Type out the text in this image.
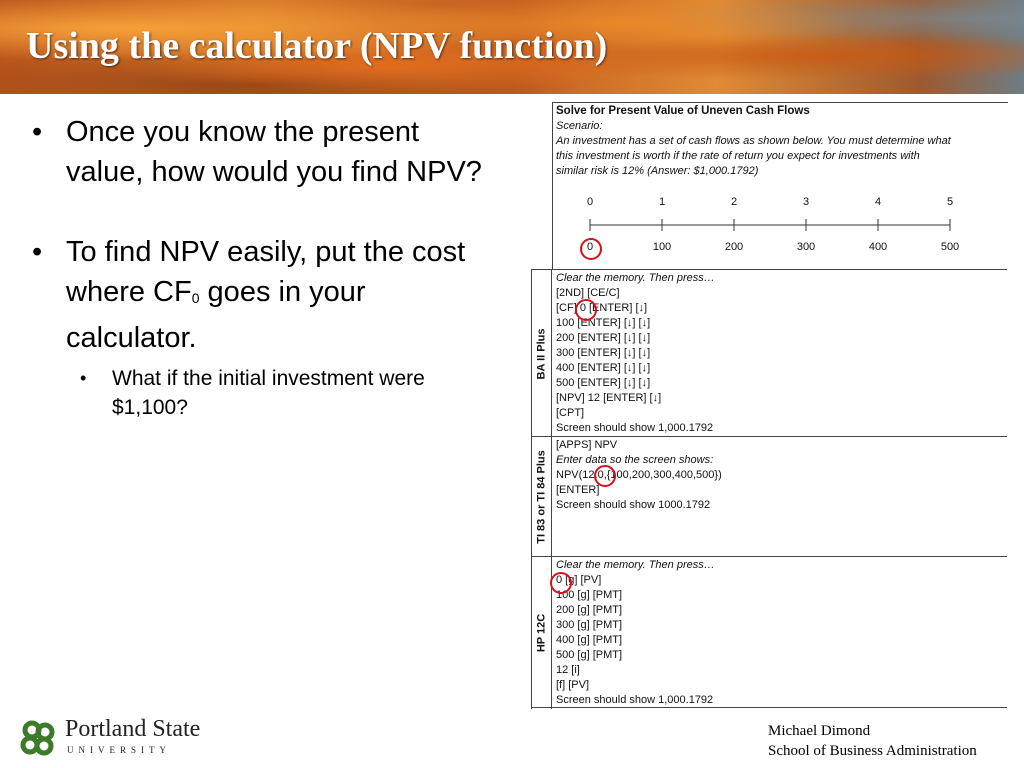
Using the calculator (NPV function)
• Once you know the present value, how would you find NPV?
• To find NPV easily, put the cost where $CF_0$ goes in your calculator.
• What if the initial investment were $1,100?
Solve for Present Value of Uneven Cash Flows
Scenario:
An investment has a set of cash flows as shown below. You must determine what
this investment is worth if the rate of return you expect for investments with
similar risk is 12% (Answer: $1,000.1792)
0	1	2	3	4	5
0	100	200	300	400	500
BA II Plus
Clear the memory. Then press…
[2ND] [CE/C]
[CF] 0 [ENTER] [↓]
100 [ENTER] [↓] [↓]
200 [ENTER] [↓] [↓]
300 [ENTER] [↓] [↓]
400 [ENTER] [↓] [↓]
500 [ENTER] [↓] [↓]
[NPV] 12 [ENTER] [↓]
[CPT]
Screen should show 1,000.1792
TI 83 or TI 84 Plus
[APPS] NPV
Enter data so the screen shows:
NPV(12,0,{100,200,300,400,500})
[ENTER]
Screen should show 1000.1792
HP 12C
Clear the memory. Then press…
0 [g] [PV]
100 [g] [PMT]
200 [g] [PMT]
300 [g] [PMT]
400 [g] [PMT]
500 [g] [PMT]
12 [i]
[f] [PV]
Screen should show 1,000.1792
Portland State
UNIVERSITY
Michael Dimond
School of Business Administration
